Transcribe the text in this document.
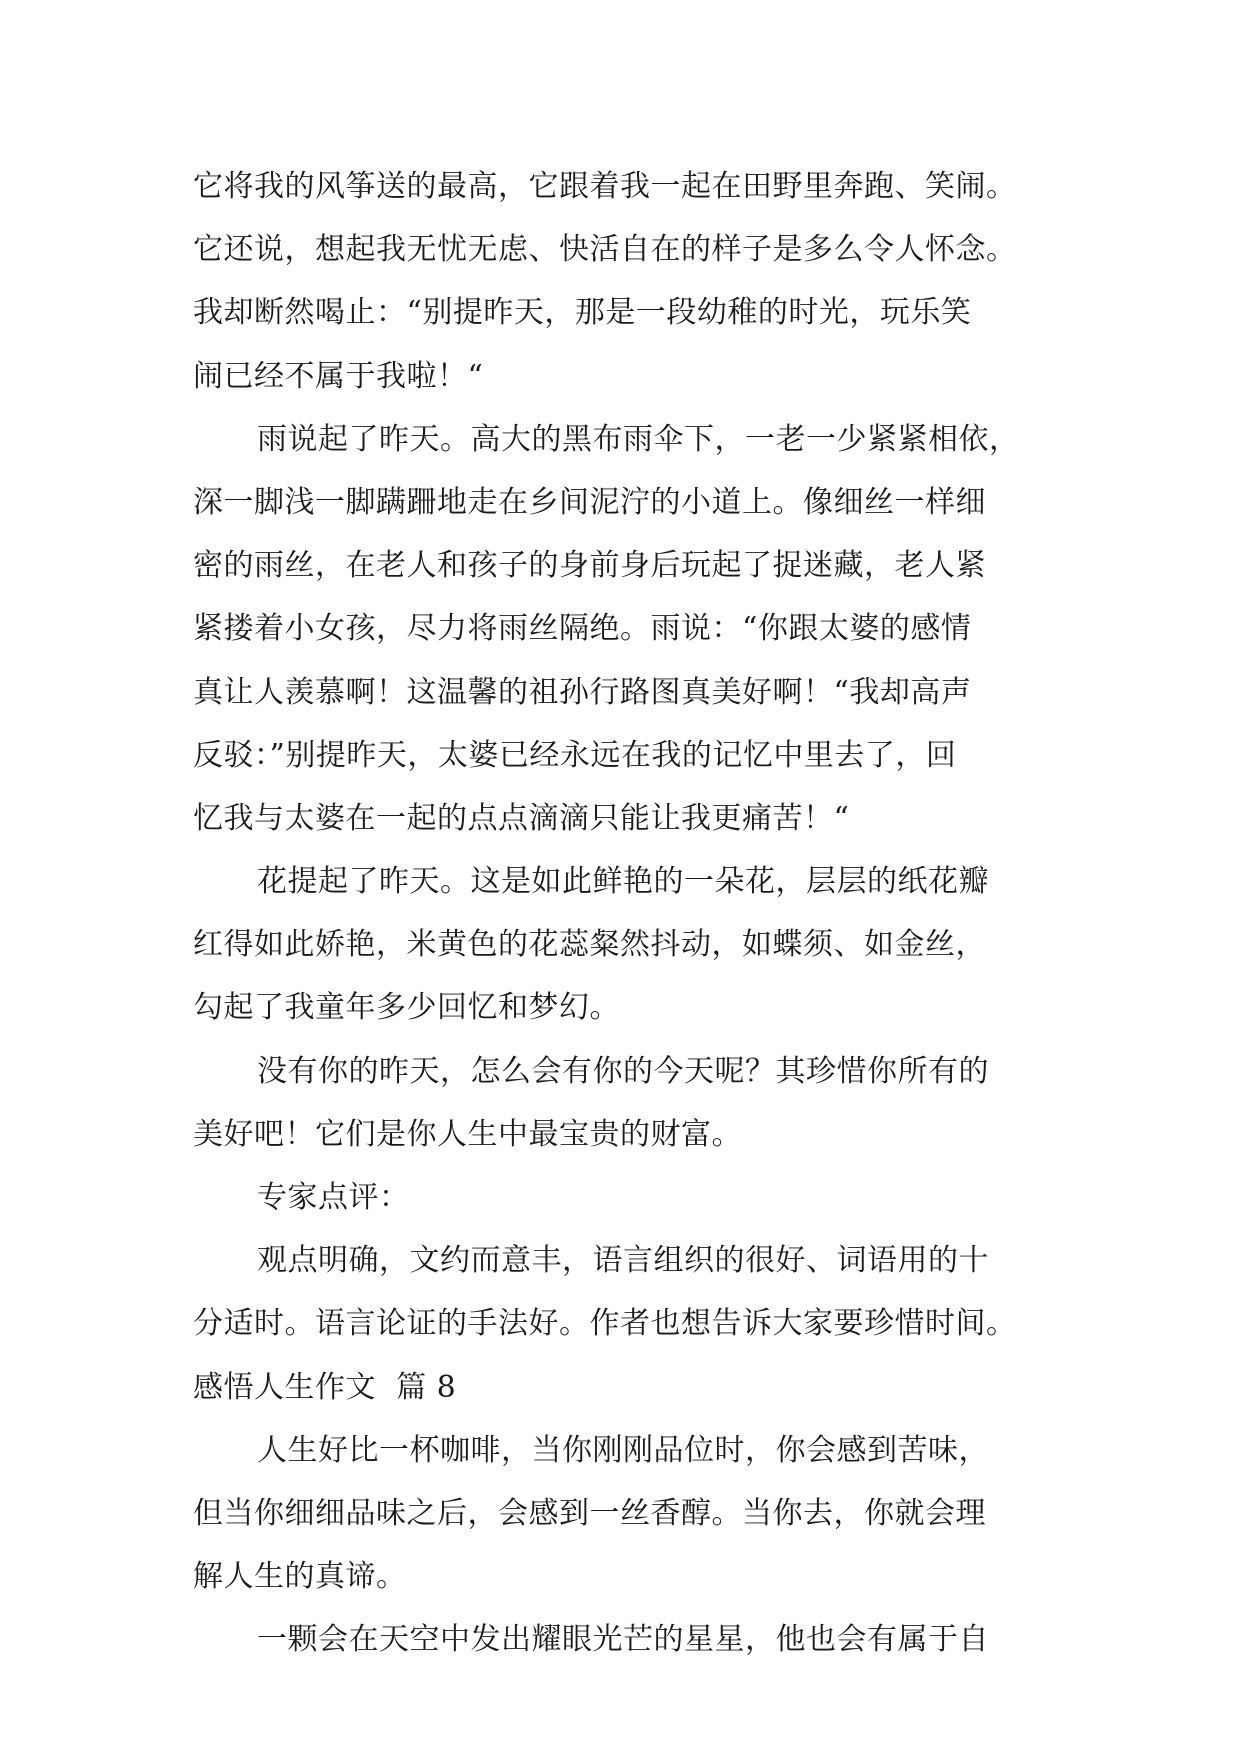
它将我的风筝送的最高，它跟着我一起在田野里奔跑、笑闹。
它还说，想起我无忧无虑、快活自在的样子是多么令人怀念。
我却断然喝止：“别提昨天，那是一段幼稚的时光，玩乐笑
闹已经不属于我啦！“
雨说起了昨天。高大的黑布雨伞下，一老一少紧紧相依，
深一脚浅一脚蹒跚地走在乡间泥泞的小道上。像细丝一样细
密的雨丝，在老人和孩子的身前身后玩起了捉迷藏，老人紧
紧搂着小女孩，尽力将雨丝隔绝。雨说：“你跟太婆的感情
真让人羡慕啊！这温馨的祖孙行路图真美好啊！“我却高声
反驳：”别提昨天，太婆已经永远在我的记忆中里去了，回
忆我与太婆在一起的点点滴滴只能让我更痛苦！“
花提起了昨天。这是如此鲜艳的一朵花，层层的纸花瓣
红得如此娇艳，米黄色的花蕊粲然抖动，如蝶须、如金丝，
勾起了我童年多少回忆和梦幻。
没有你的昨天，怎么会有你的今天呢？其珍惜你所有的
美好吧！它们是你人生中最宝贵的财富。
专家点评：
观点明确，文约而意丰，语言组织的很好、词语用的十
分适时。语言论证的手法好。作者也想告诉大家要珍惜时间。
感悟人生作文  篇 8
人生好比一杯咖啡，当你刚刚品位时，你会感到苦味，
但当你细细品味之后，会感到一丝香醇。当你去，你就会理
解人生的真谛。
一颗会在天空中发出耀眼光芒的星星，他也会有属于自
